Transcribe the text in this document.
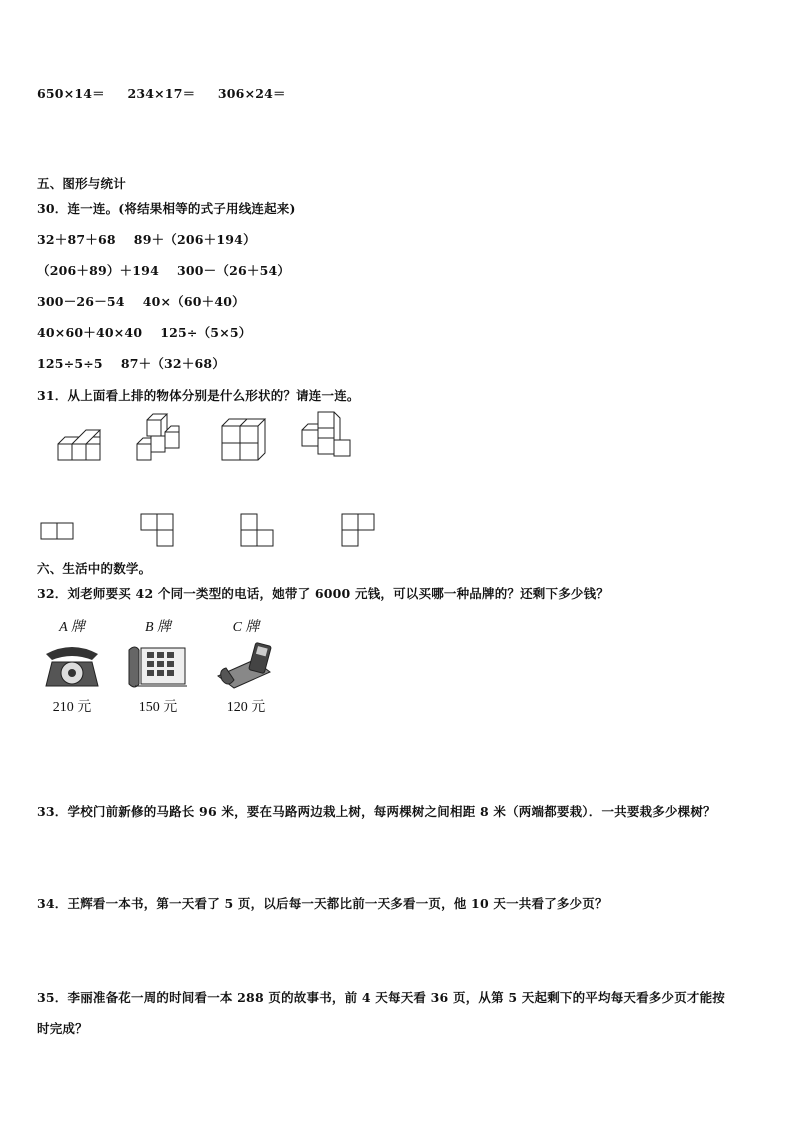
650×14＝ 234×17＝ 306×24＝
五、图形与统计
30．连一连。(将结果相等的式子用线连起来)
32＋87＋68 89＋（206＋194）
（206＋89）＋194 300－（26＋54）
300－26－54 40×（60＋40）
40×60＋40×40 125÷（5×5）
125÷5÷5 87＋（32＋68）
31．从上面看上排的物体分别是什么形状的？请连一连。
六、生活中的数学。
32．刘老师要买 42 个同一类型的电话，她带了 6000 元钱，可以买哪一种品牌的？还剩下多少钱？
A 牌
210 元
B 牌
150 元
C 牌
120 元
33．学校门前新修的马路长 96 米，要在马路两边栽上树，每两棵树之间相距 8 米（两端都要栽）．一共要栽多少棵树？
34．王辉看一本书，第一天看了 5 页，以后每一天都比前一天多看一页，他 10 天一共看了多少页？
35．李丽准备花一周的时间看一本 288 页的故事书，前 4 天每天看 36 页，从第 5 天起剩下的平均每天看多少页才能按
时完成？
